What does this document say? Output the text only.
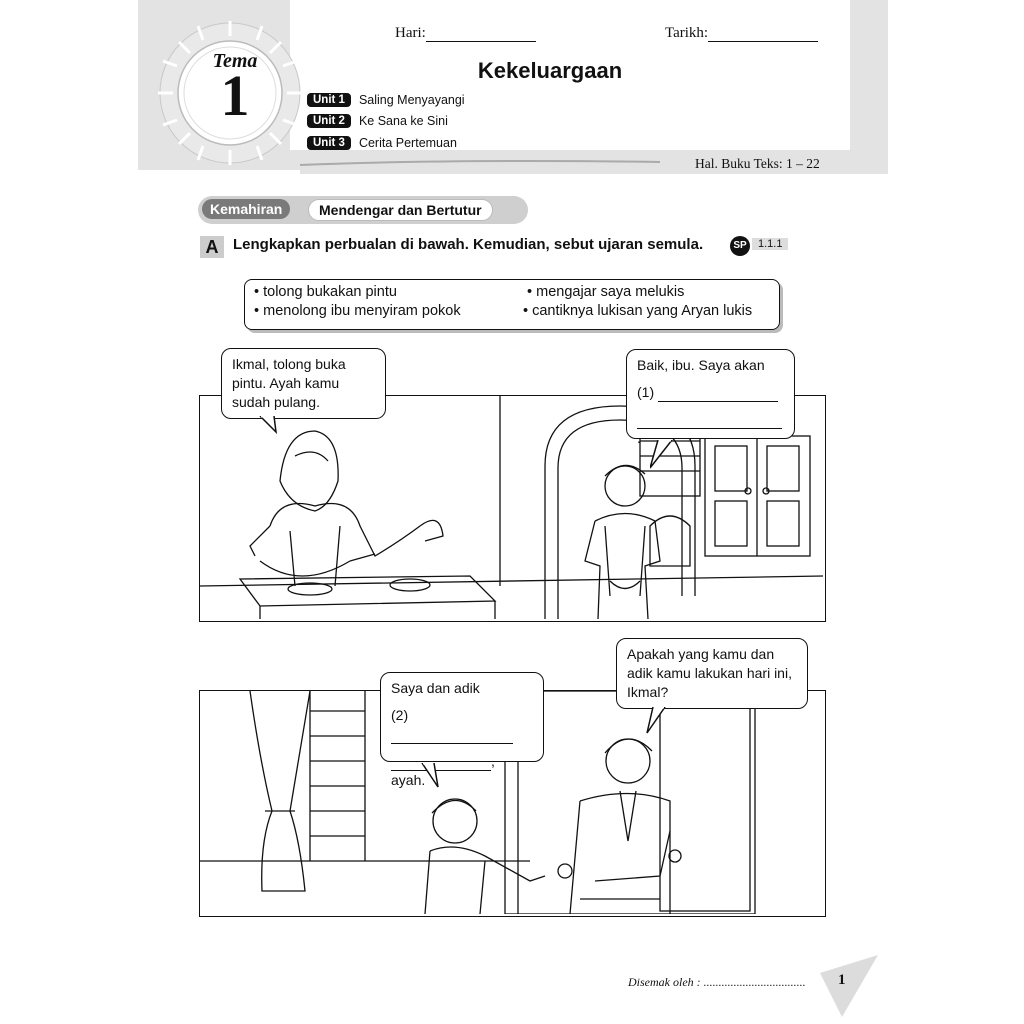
Tema
1
Hari:	Tarikh:
Kekeluargaan
Unit 1	Saling Menyayangi
Unit 2	Ke Sana ke Sini
Unit 3	Cerita Pertemuan
Hal. Buku Teks: 1 – 22
Kemahiran	Mendengar dan Bertutur
A Lengkapkan perbualan di bawah. Kemudian, sebut ujaran semula.	SP	1.1.1
• tolong bukakan pintu	• mengajar saya melukis
• menolong ibu menyiram pokok	• cantiknya lukisan yang Aryan lukis
Ikmal, tolong buka pintu. Ayah kamu sudah pulang.
Baik, ibu. Saya akan
(1)
.
Saya dan adik
(2)
, ayah.
Apakah yang kamu dan adik kamu lakukan hari ini, Ikmal?
Disemak oleh : .................................. 1
